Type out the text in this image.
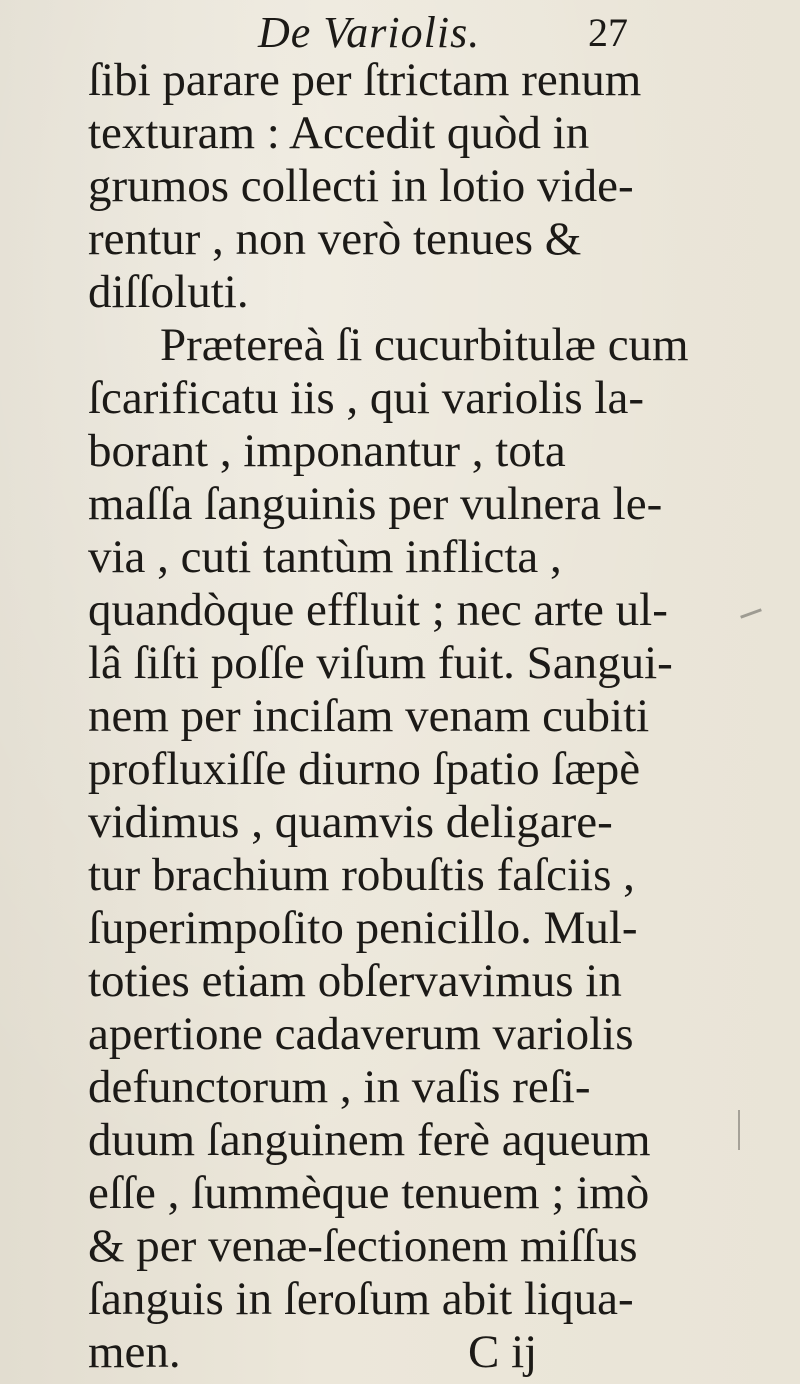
De Variolis.	27
ſibi parare per ſtrictam renum
texturam : Accedit quòd in
grumos collecti in lotio vide-
rentur , non verò tenues &
diſſoluti.
Prætereà ſi cucurbitulæ cum
ſcarificatu iis , qui variolis la-
borant , imponantur , tota
maſſa ſanguinis per vulnera le-
via , cuti tantùm inflicta ,
quandòque effluit ; nec arte ul-
lâ ſiſti poſſe viſum fuit. Sangui-
nem per inciſam venam cubiti
profluxiſſe diurno ſpatio ſæpè
vidimus , quamvis deligare-
tur brachium robuſtis faſciis ,
ſuperimpoſito penicillo. Mul-
toties etiam obſervavimus in
apertione cadaverum variolis
defunctorum , in vaſis reſi-
duum ſanguinem ferè aqueum
eſſe , ſummèque tenuem ; imò
& per venæ-ſectionem miſſus
ſanguis in ſeroſum abit liqua-
men.	C ij
